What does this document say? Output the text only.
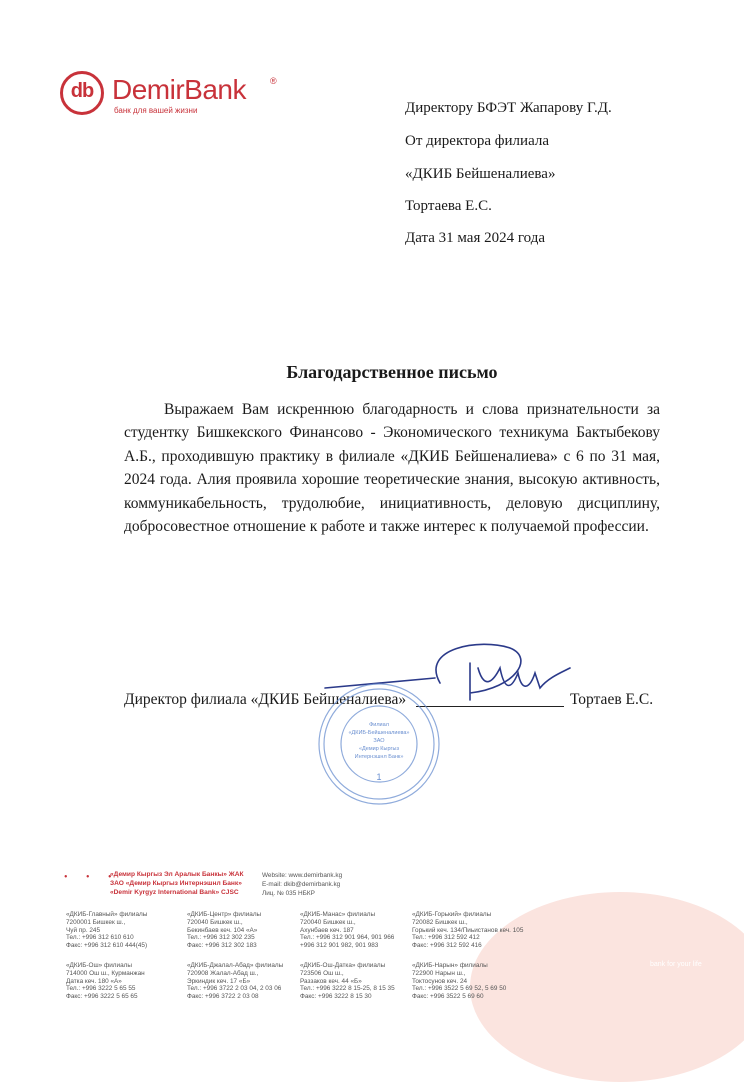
db DemirBank	®
банк для вашей жизни	Директору БФЭТ Жапарову Г.Д.
От директора филиала
«ДКИБ Бейшеналиева»
Тортаева Е.С.
Дата 31 мая 2024 года
Благодарственное письмо

Выражаем Вам искреннюю благодарность и слова признательности за студентку Бишкекского Финансово - Экономического техникума Бактыбекову А.Б., проходившую практику в филиале «ДКИБ Бейшеналиева» с 6 по 31 мая, 2024 года. Алия проявила хорошие теоретические знания, высокую активность, коммуникабельность, трудолюбие, инициативность, деловую дисциплину, добросовестное отношение к работе и также интерес к получаемой профессии.

Директор филиала «ДКИБ Бейшеналиева»	Тортаев Е.С.
Филиал
«ДКИБ-Бейшеналиева»
ЗАО
«Демир Кыргыз
Интернэшнл Банк»
1
bank for your life
• • •
«Демир Кыргыз Эл Аралык Банкы» ЖАК
ЗАО «Демир Кыргыз Интернэшнл Банк»
«Demir Kyrgyz International Bank» CJSC
Website: www.demirbank.kg
E-mail: dkib@demirbank.kg
Лиц. № 035 НБКР
«ДКИБ-Главный» филиалы
7200001 Бишкек ш.,
Чуй пр. 245
Тел.: +996 312 610 610
Факс: +996 312 610 444(45)
«ДКИБ-Центр» филиалы
720040 Бишкек ш.,
Бекинбаев кеч. 104 «А»
Тел.: +996 312 302 235
Факс: +996 312 302 183
«ДКИБ-Манас» филиалы
720040 Бишкек ш.,
Ахунбаев кеч. 187
Тел.: +996 312 901 964, 901 966
+996 312 901 982, 901 983
«ДКИБ-Горький» филиалы
720082 Бишкек ш.,
Горький кеч. 134/Пиьистанов кеч. 105
Тел.: +996 312 592 412
Факс: +996 312 592 416
«ДКИБ-Ош» филиалы
714000 Ош ш., Курманжан
Датка кеч. 180 «А»
Тел.: +996 3222 5 65 55
Факс: +996 3222 5 65 65
«ДКИБ-Джалал-Абад» филиалы
720908 Жалал-Абад ш.,
Эркиндик кеч. 17 «Б»
Тел.: +996 3722 2 03 04, 2 03 06
Факс: +996 3722 2 03 08
«ДКИБ-Ош-Датка» филиалы
723506 Ош ш.,
Раззаков кеч. 44 «Б»
Тел.: +996 3222 8 15-25, 8 15 35
Факс: +996 3222 8 15 30
«ДКИБ-Нарын» филиалы
722900 Нарын ш.,
Токтосунов кеч. 24
Тел.: +996 3522 5 69 52, 5 69 50
Факс: +996 3522 5 69 60
